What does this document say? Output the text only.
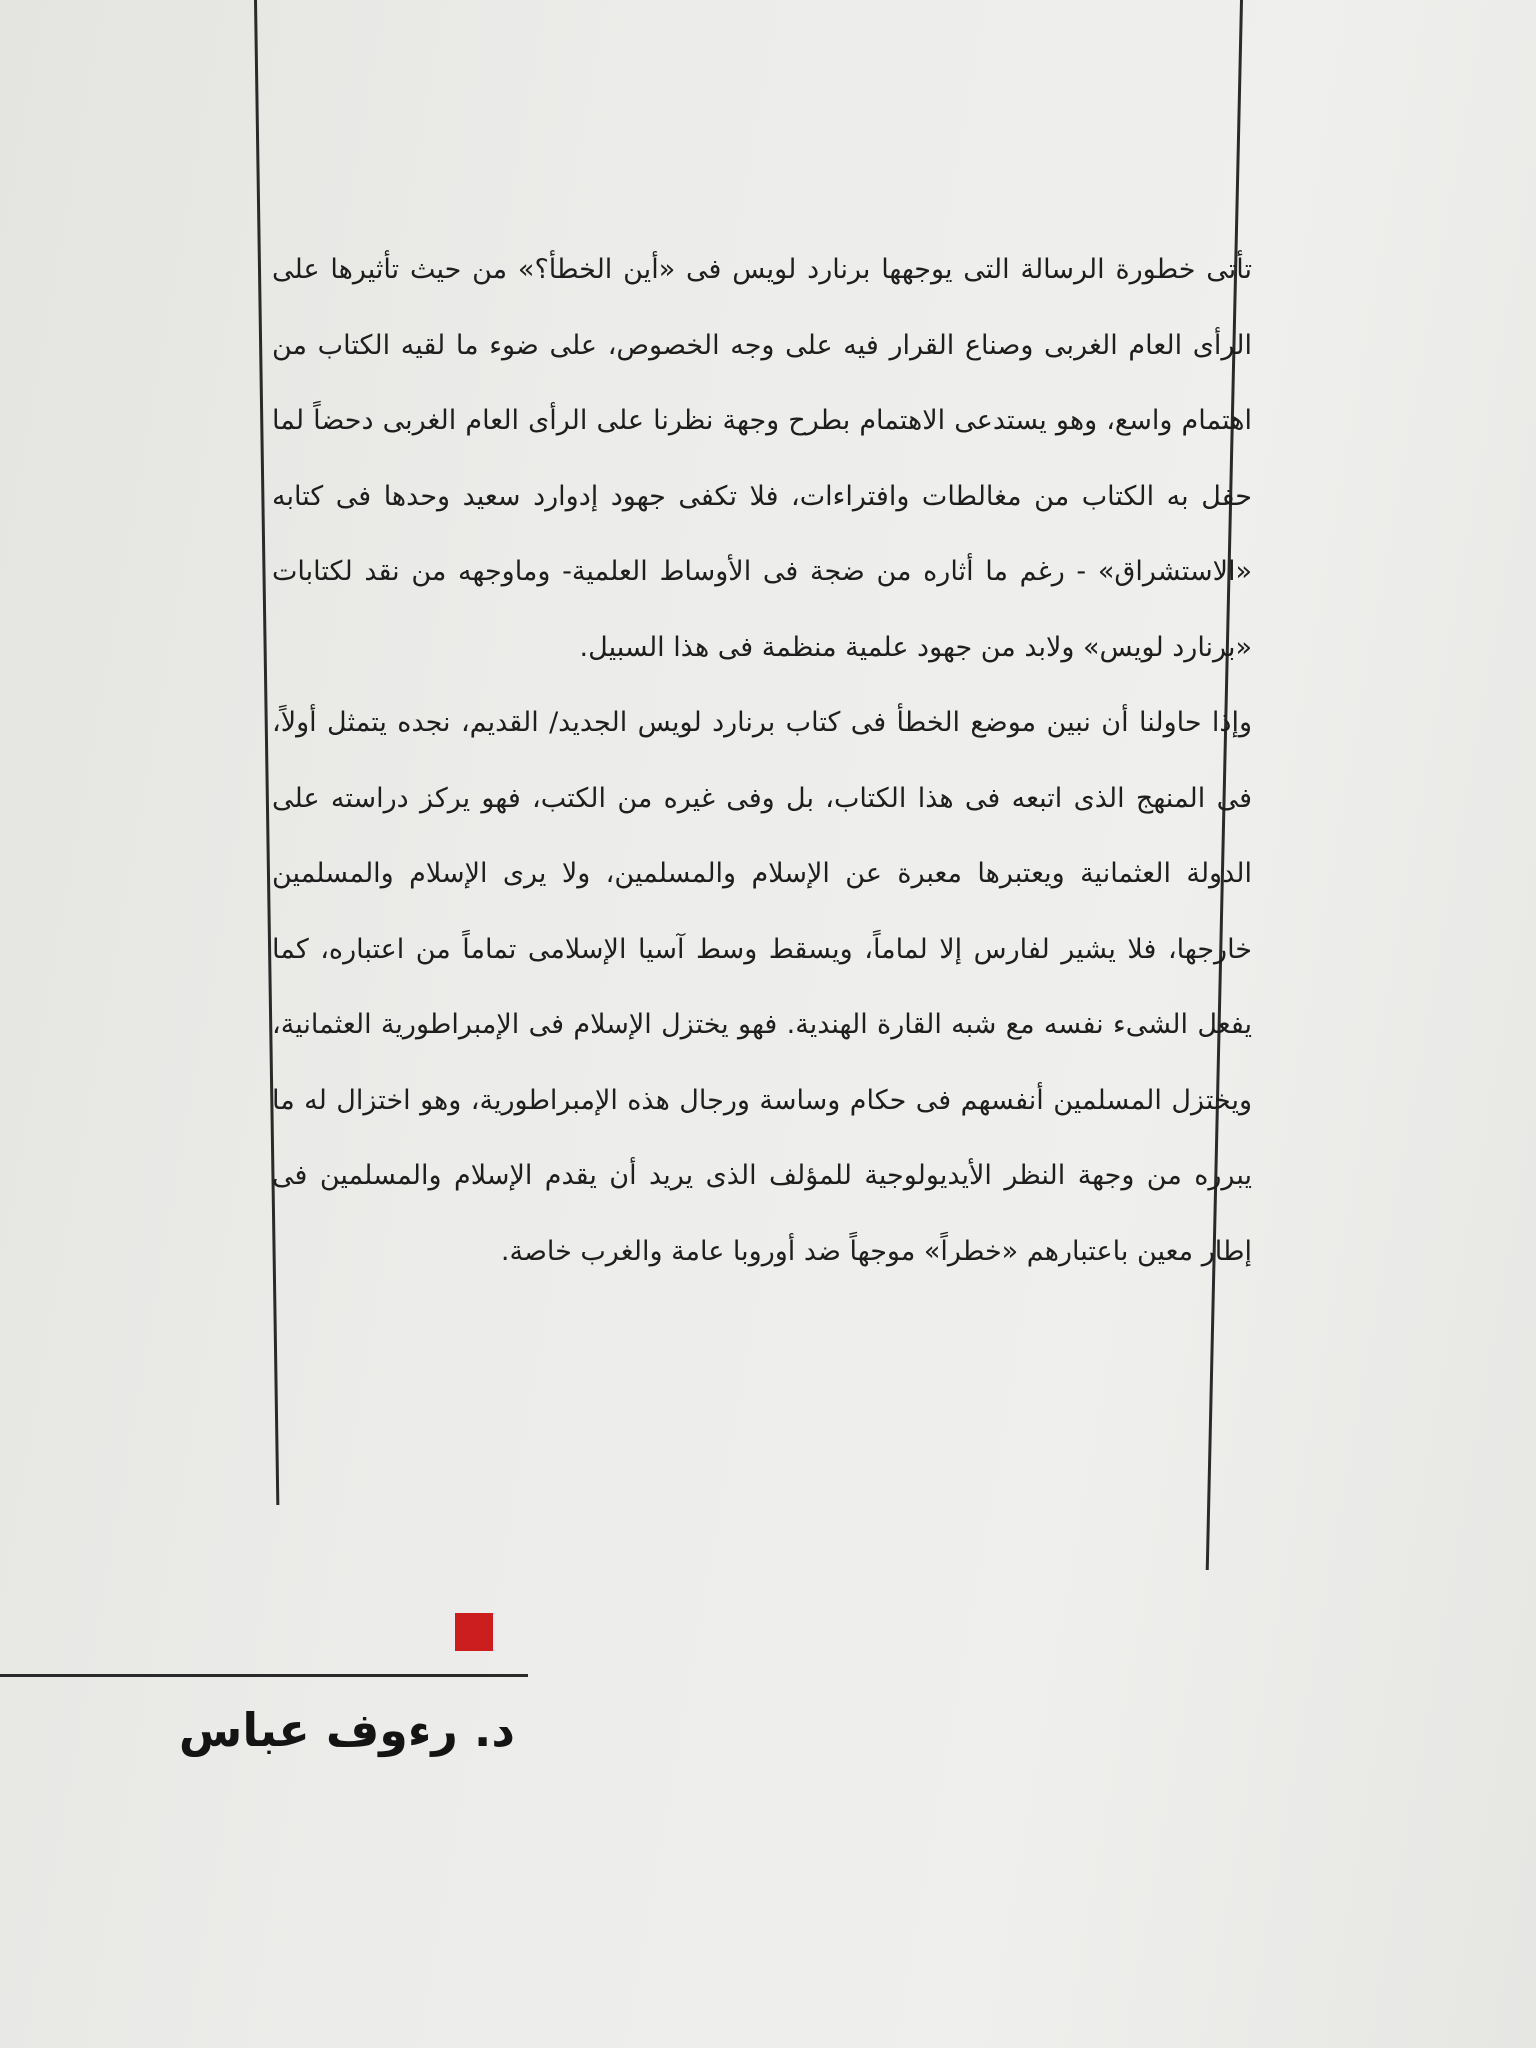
تأتى خطورة الرسالة التى يوجهها برنارد لويس فى «أين الخطأ؟» من حيث تأثيرها على الرأى العام الغربى وصناع القرار فيه على وجه الخصوص، على ضوء ما لقيه الكتاب من اهتمام واسع، وهو يستدعى الاهتمام بطرح وجهة نظرنا على الرأى العام الغربى دحضاً لما حفل به الكتاب من مغالطات وافتراءات، فلا تكفى جهود إدوارد سعيد وحدها فى كتابه «الاستشراق» - رغم ما أثاره من ضجة فى الأوساط العلمية- وماوجهه من نقد لكتابات «برنارد لويس» ولابد من جهود علمية منظمة فى هذا السبيل.

وإذا حاولنا أن نبين موضع الخطأ فى كتاب برنارد لويس الجديد/ القديم، نجده يتمثل أولاً، فى المنهج الذى اتبعه فى هذا الكتاب، بل وفى غيره من الكتب، فهو يركز دراسته على الدولة العثمانية ويعتبرها معبرة عن الإسلام والمسلمين، ولا يرى الإسلام والمسلمين خارجها، فلا يشير لفارس إلا لماماً، ويسقط وسط آسيا الإسلامى تماماً من اعتباره، كما يفعل الشىء نفسه مع شبه القارة الهندية. فهو يختزل الإسلام فى الإمبراطورية العثمانية، ويختزل المسلمين أنفسهم فى حكام وساسة ورجال هذه الإمبراطورية، وهو اختزال له ما يبرره من وجهة النظر الأيديولوجية للمؤلف الذى يريد أن يقدم الإسلام والمسلمين فى إطار معين باعتبارهم «خطراً» موجهاً ضد أوروبا عامة والغرب خاصة.

د. رءوف عباس
